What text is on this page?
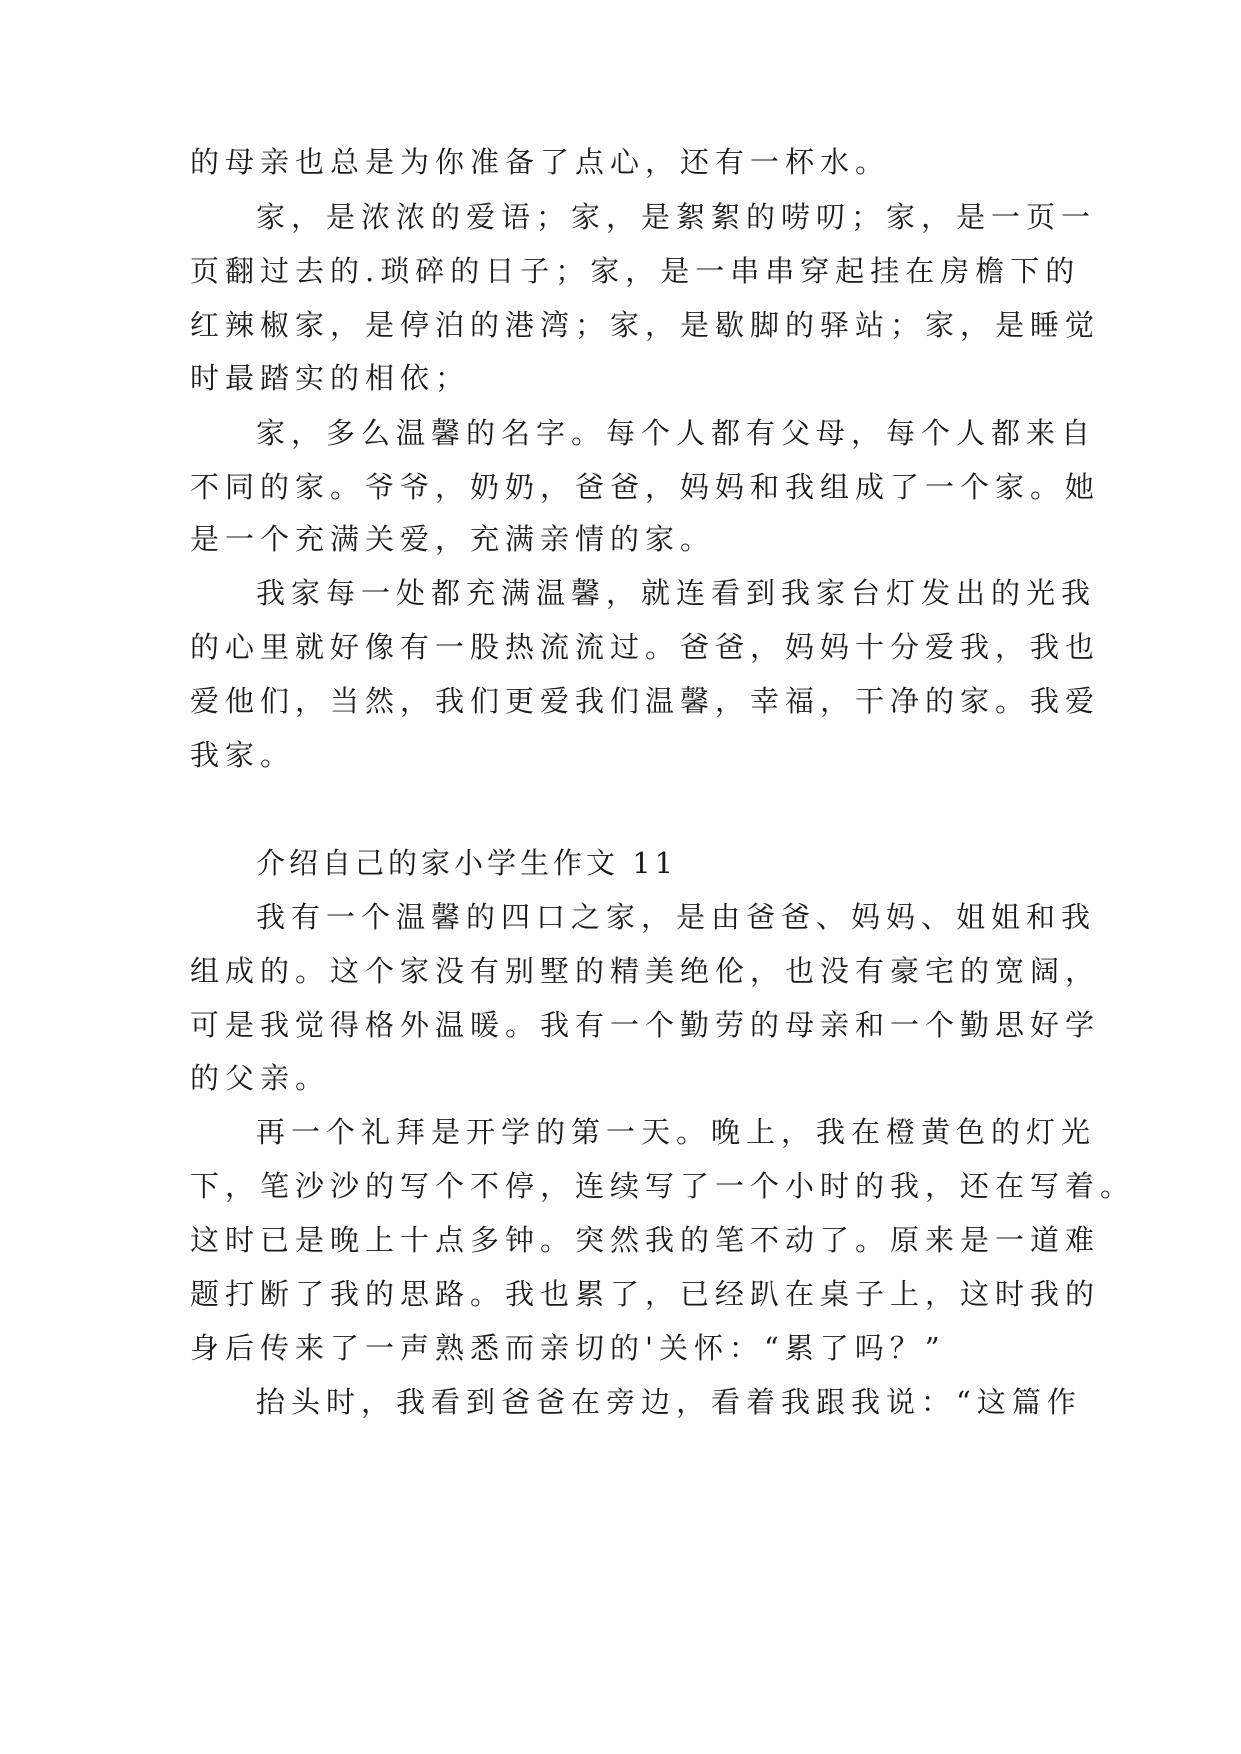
的母亲也总是为你准备了点心，还有一杯水。
家，是浓浓的爱语；家，是絮絮的唠叨；家，是一页一
页翻过去的.琐碎的日子；家，是一串串穿起挂在房檐下的
红辣椒家，是停泊的港湾；家，是歇脚的驿站；家，是睡觉
时最踏实的相依；
家，多么温馨的名字。每个人都有父母，每个人都来自
不同的家。爷爷，奶奶，爸爸，妈妈和我组成了一个家。她
是一个充满关爱，充满亲情的家。
我家每一处都充满温馨，就连看到我家台灯发出的光我
的心里就好像有一股热流流过。爸爸，妈妈十分爱我，我也
爱他们，当然，我们更爱我们温馨，幸福，干净的家。我爱
我家。
介绍自己的家小学生作文 11
我有一个温馨的四口之家，是由爸爸、妈妈、姐姐和我
组成的。这个家没有别墅的精美绝伦，也没有豪宅的宽阔，
可是我觉得格外温暖。我有一个勤劳的母亲和一个勤思好学
的父亲。
再一个礼拜是开学的第一天。晚上，我在橙黄色的灯光
下，笔沙沙的写个不停，连续写了一个小时的我，还在写着。
这时已是晚上十点多钟。突然我的笔不动了。原来是一道难
题打断了我的思路。我也累了，已经趴在桌子上，这时我的
身后传来了一声熟悉而亲切的'关怀：“累了吗？”
抬头时，我看到爸爸在旁边，看着我跟我说：“这篇作
